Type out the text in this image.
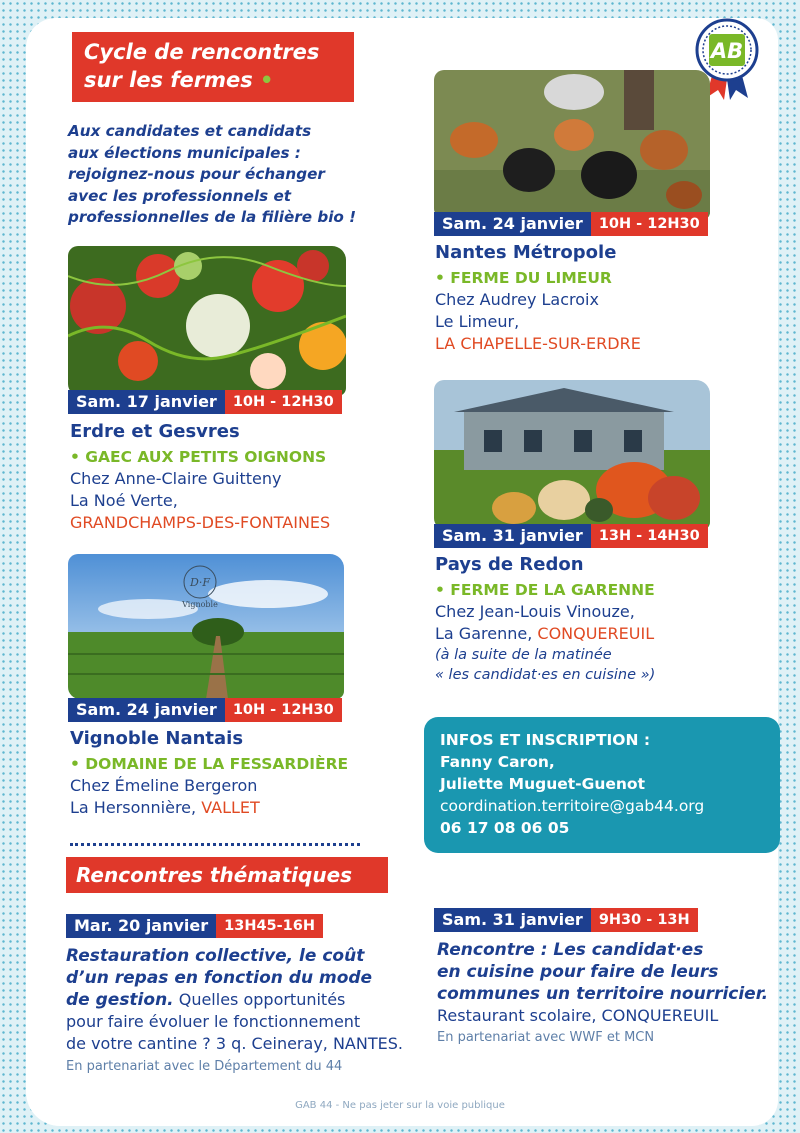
Cycle de rencontres
sur les fermes •
AB
Aux candidates et candidats
aux élections municipales :
rejoignez-nous pour échanger
avec les professionnels et
professionnelles de la filière bio !
Sam. 17 janvier	10H - 12H30
Erdre et Gesvres
• GAEC AUX PETITS OIGNONS
Chez Anne-Claire Guitteny
La Noé Verte,
GRANDCHAMPS-DES-FONTAINES
D·F
Vignoble
Sam. 24 janvier	10H - 12H30
Vignoble Nantais
• DOMAINE DE LA FESSARDIÈRE
Chez Émeline Bergeron
La Hersonnière, VALLET
Sam. 24 janvier	10H - 12H30
Nantes Métropole
• FERME DU LIMEUR
Chez Audrey Lacroix
Le Limeur,
LA CHAPELLE-SUR-ERDRE
Sam. 31 janvier	13H - 14H30
Pays de Redon
• FERME DE LA GARENNE
Chez Jean-Louis Vinouze,
La Garenne, CONQUEREUIL
(à la suite de la matinée
« les candidat·es en cuisine »)
INFOS ET INSCRIPTION :
Fanny Caron,
Juliette Muguet-Guenot
coordination.territoire@gab44.org
06 17 08 06 05
Rencontres thématiques
Mar. 20 janvier	13H45-16H
Restauration collective, le coût
d’un repas en fonction du mode
de gestion. Quelles opportunités
pour faire évoluer le fonctionnement
de votre cantine ? 3 q. Ceineray, NANTES.
En partenariat avec le Département du 44
Sam. 31 janvier	9H30 - 13H
Rencontre : Les candidat·es
en cuisine pour faire de leurs
communes un territoire nourricier.
Restaurant scolaire, CONQUEREUIL
En partenariat avec WWF et MCN
GAB 44 - Ne pas jeter sur la voie publique
